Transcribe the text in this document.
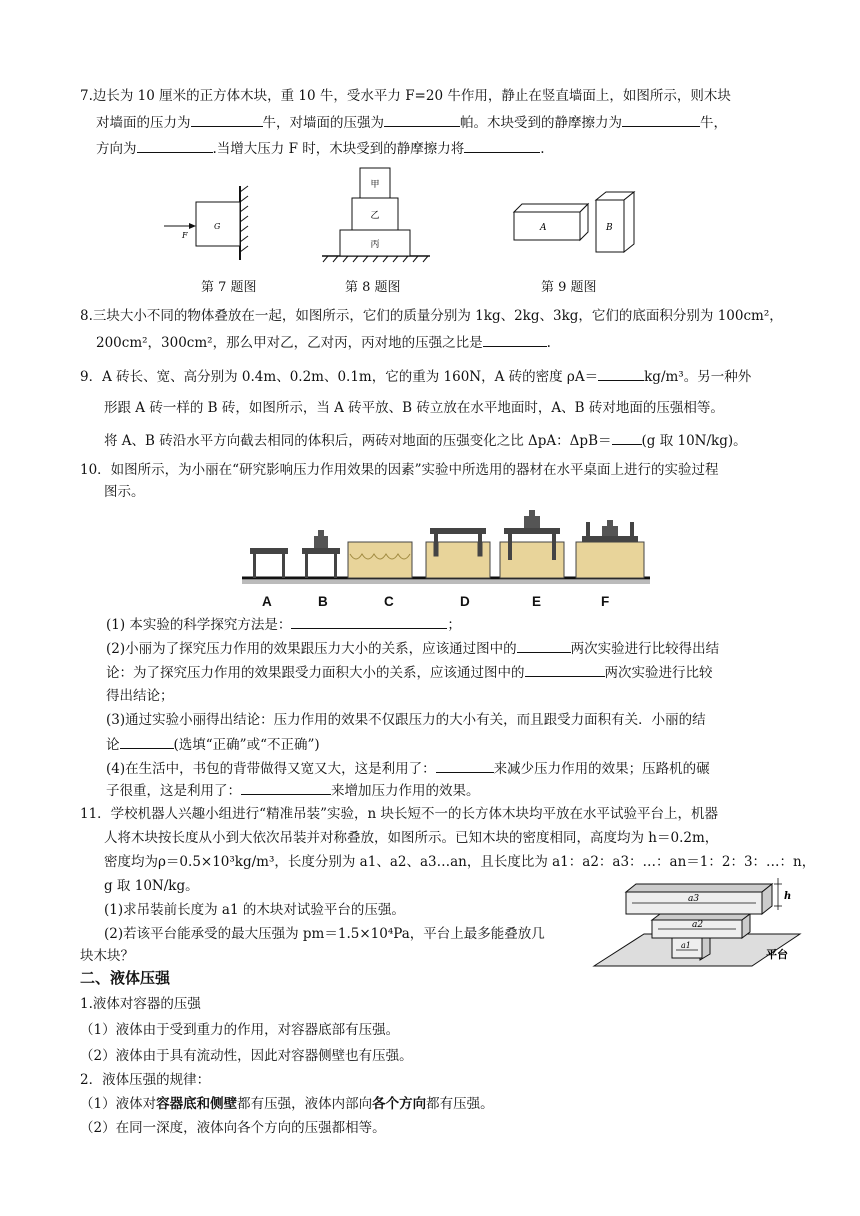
7.边长为 10 厘米的正方体木块，重 10 牛，受水平力 F=20 牛作用，静止在竖直墙面上，如图所示，则木块
对墙面的压力为	牛，对墙面的压强为	帕。木块受到的静摩擦力为	牛，
方向为	.当增大压力 F 时，木块受到的静摩擦力将	.
F
G
甲
乙
丙
A	B
第 7 题图	第 8 题图	第 9 题图
8.三块大小不同的物体叠放在一起，如图所示，它们的质量分别为 1kg、2kg、3kg，它们的底面积分别为 100cm²，
200cm²，300cm²，那么甲对乙，乙对丙，丙对地的压强之比是	.
9．A 砖长、宽、高分别为 0.4m、0.2m、0.1m，它的重为 160N，A 砖的密度 ρA＝	kg/m³。另一种外
形跟 A 砖一样的 B 砖，如图所示，当 A 砖平放、B 砖立放在水平地面时，A、B 砖对地面的压强相等。
将 A、B 砖沿水平方向截去相同的体积后，两砖对地面的压强变化之比 ΔpA：ΔpB＝ (g 取 10N/kg)。
10．如图所示，为小丽在“研究影响压力作用效果的因素”实验中所选用的器材在水平桌面上进行的实验过程
图示。
A	B	C	D	E	F
(1) 本实验的科学探究方法是：	；
(2)小丽为了探究压力作用的效果跟压力大小的关系，应该通过图中的	两次实验进行比较得出结
论：为了探究压力作用的效果跟受力面积大小的关系，应该通过图中的	两次实验进行比较
得出结论；
(3)通过实验小丽得出结论：压力作用的效果不仅跟压力的大小有关，而且跟受力面积有关．小丽的结
论	(选填“正确”或“不正确”)
(4)在生活中，书包的背带做得又宽又大，这是利用了：	来减少压力作用的效果；压路机的碾
子很重，这是利用了：	来增加压力作用的效果。
11．学校机器人兴趣小组进行“精准吊装”实验，n 块长短不一的长方体木块均平放在水平试验平台上，机器
人将木块按长度从小到大依次吊装并对称叠放，如图所示。已知木块的密度相同，高度均为 h＝0.2m，
密度均为ρ＝0.5×10³kg/m³，长度分别为 a1、a2、a3…an，且长度比为 a1：a2：a3：…：an＝1：2：3：…：n，
g 取 10N/kg。
(1)求吊装前长度为 a1 的木块对试验平台的压强。
(2)若该平台能承受的最大压强为 pm＝1.5×10⁴Pa，平台上最多能叠放几
块木块？
a3
a2
a1
h
平台
二、液体压强
1.液体对容器的压强
（1）液体由于受到重力的作用，对容器底部有压强。
（2）液体由于具有流动性，因此对容器侧壁也有压强。
2．液体压强的规律：
（1）液体对容器底和侧壁都有压强，液体内部向各个方向都有压强。
（2）在同一深度，液体向各个方向的压强都相等。
